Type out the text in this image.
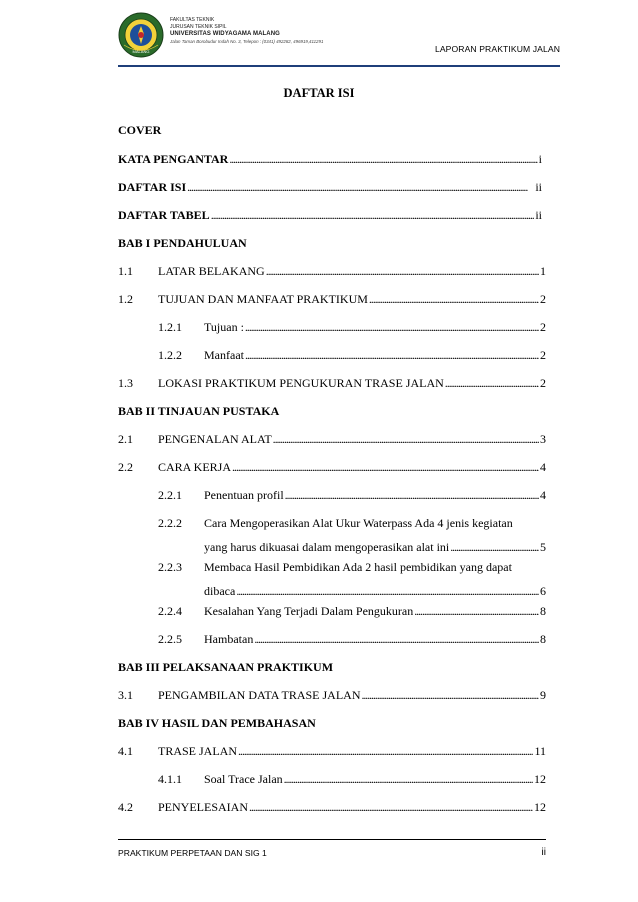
MALANG
FAKULTAS TEKNIK
JURUSAN TEKNIK SIPIL
UNIVERSITAS WIDYAGAMA MALANG
Jalan Taman Borobudur Indah No. 3, Telepon : (0341) 492282, 496919,411291
LAPORAN PRAKTIKUM JALAN
DAFTAR ISI
COVER
KATA PENGANTAR . . .	i
DAFTAR ISI . . .	ii
DAFTAR TABEL . . .	ii
BAB I PENDAHULUAN
1.1 LATAR BELAKANG . . .	1
1.2 TUJUAN DAN MANFAAT PRAKTIKUM . . .	2
1.2.1 Tujuan : . . .	2
1.2.2 Manfaat . . .	2
1.3 LOKASI PRAKTIKUM PENGUKURAN TRASE JALAN . . .	2
BAB II TINJAUAN PUSTAKA
2.1 PENGENALAN ALAT . . .	3
2.2 CARA KERJA . . .	4
2.2.1 Penentuan profil . . .	4
2.2.2 Cara Mengoperasikan Alat Ukur Waterpass Ada 4 jenis kegiatan
yang harus dikuasai dalam mengoperasikan alat ini . . .	5
2.2.3 Membaca Hasil Pembidikan Ada 2 hasil pembidikan yang dapat
dibaca . . .	6
2.2.4 Kesalahan Yang Terjadi Dalam Pengukuran . . .	8
2.2.5 Hambatan . . .	8
BAB III PELAKSANAAN PRAKTIKUM
3.1 PENGAMBILAN DATA TRASE JALAN . . .	9
BAB IV HASIL DAN PEMBAHASAN
4.1 TRASE JALAN . . .	11
4.1.1 Soal Trace Jalan . . .	12
4.2 PENYELESAIAN . . .	12
PRAKTIKUM PERPETAAN DAN SIG 1	ii
